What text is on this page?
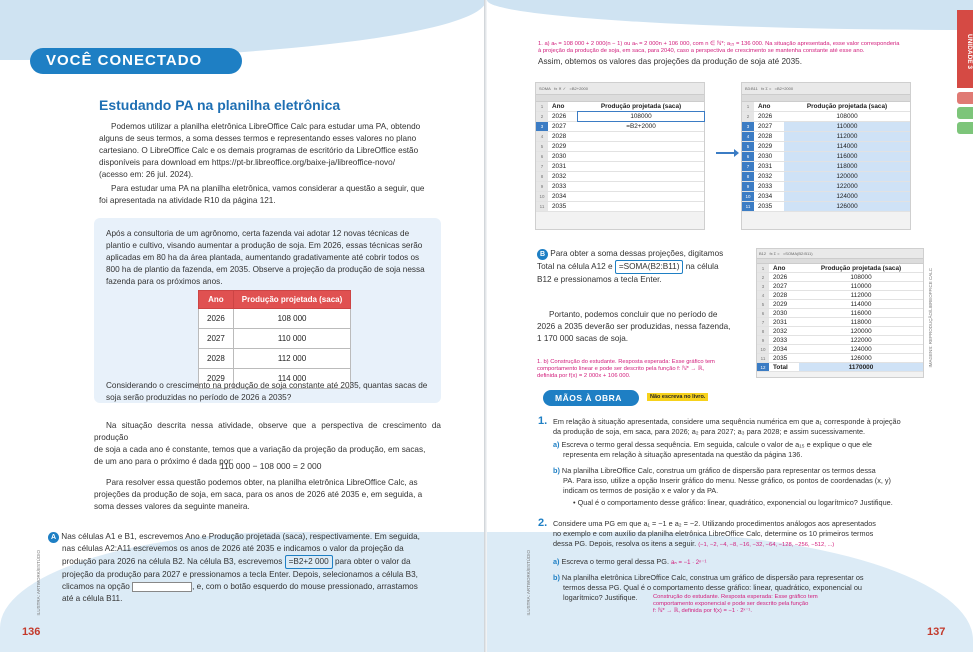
VOCÊ CONECTADO
Estudando PA na planilha eletrônica
Podemos utilizar a planilha eletrônica LibreOffice Calc para estudar uma PA, obtendo
alguns de seus termos, a soma desses termos e representando esses valores no plano
cartesiano. O LibreOffice Calc e os demais programas de escritório da LibreOffice estão
disponíveis para download em https://pt-br.libreoffice.org/baixe-ja/libreoffice-novo/
(acesso em: 26 jul. 2024).
Para estudar uma PA na planilha eletrônica, vamos considerar a questão a seguir, que
foi apresentada na atividade R10 da página 121.
Após a consultoria de um agrônomo, certa fazenda vai adotar 12 novas técnicas de
plantio e cultivo, visando aumentar a produção de soja. Em 2026, essas técnicas serão
aplicadas em 80 ha da área plantada, aumentando gradativamente até cobrir todos os
800 ha de plantio da fazenda, em 2035. Observe a projeção da produção de soja nessa
fazenda para os próximos anos.
Ano	Produção projetada (saca)
2026	108 000
2027	110 000
2028	112 000
2029	114 000
Considerando o crescimento na produção de soja constante até 2035, quantas sacas de
soja serão produzidas no período de 2026 a 2035?
Na situação descrita nessa atividade, observe que a perspectiva de crescimento da produção
de soja a cada ano é constante, temos que a variação da projeção da produção, em sacas,
de um ano para o próximo é dada por:
110 000 − 108 000 = 2 000
Para resolver essa questão podemos obter, na planilha eletrônica LibreOffice Calc, as
projeções da produção de soja, em saca, para os anos de 2026 até 2035 e, em seguida, a
soma desses valores da seguinte maneira.
A Nas células A1 e B1, escrevemos Ano e Produção projetada (saca), respectivamente. Em seguida,
nas células A2:A11 escrevemos os anos de 2026 até 2035 e indicamos o valor da projeção da
produção para 2026 na célula B2. Na célula B3, escrevemos =B2+2 000 para obter o valor da
projeção da produção para 2027 e pressionamos a tecla Enter. Depois, selecionamos a célula B3,
clicamos na opção	, e, com o botão esquerdo do mouse pressionado, arrastamos
até a célula B11.
ILUSTRA: ARTWORK/ESTÚDIO
136
UNIDADE 3
1. a) aₙ = 108 000 + 2 000(n − 1) ou aₙ = 2 000n + 106 000, com n ∈ ℕ*; a₁₅ = 136 000. Na situação apresentada, esse valor corresponderia
à projeção da produção de soja, em saca, para 2040, caso a perspectiva de crescimento se mantenha constante até esse ano.
Assim, obtemos os valores das projeções da produção de soja até 2035.
SOMA   fx ✕ ✓   =B2+2000
1	Ano	Produção projetada (saca)
2	2026	108000
3	2027	=B2+2000
4	2028
5	2029
6	2030
7	2031
8	2032
9	2033
10	2034
11	2035
B3:B11   fx Σ =   =B2+2000
1	Ano	Produção projetada (saca)
2	2026	108000
3	2027	110000
4	2028	112000
5	2029	114000
6	2030	116000
7	2031	118000
8	2032	120000
9	2033	122000
10	2034	124000
11	2035	126000
B Para obter a soma dessas projeções, digitamos
Total na célula A12 e =SOMA(B2:B11) na célula
B12 e pressionamos a tecla Enter.
Portanto, podemos concluir que no período de
2026 a 2035 deverão ser produzidas, nessa fazenda,
1 170 000 sacas de soja.
B12   fx Σ =   =SOMA(B2:B11)
1	Ano	Produção projetada (saca)
2	2026	108000
3	2027	110000
4	2028	112000
5	2029	114000
6	2030	116000
7	2031	118000
8	2032	120000
9	2033	122000
10	2034	124000
11	2035	126000
12	Total	1170000	IMAGENS: REPRODUÇÃO/LIBREOFFICE CALC
1. b) Construção do estudante. Resposta esperada: Esse gráfico tem
comportamento linear e pode ser descrito pela função f: ℕ* → ℝ,
definida por f(x) = 2 000x + 106 000.
MÃOS À OBRA	Não escreva no livro.
1. Em relação à situação apresentada, considere uma sequência numérica em que a₁ corresponde à projeção
da produção de soja, em saca, para 2026; a₂ para 2027; a₃ para 2028; e assim sucessivamente.
a) Escreva o termo geral dessa sequência. Em seguida, calcule o valor de a₁₅ e explique o que ele
representa em relação à situação apresentada na questão da página 136.
b) Na planilha LibreOffice Calc, construa um gráfico de dispersão para representar os termos dessa
PA. Para isso, utilize a opção Inserir gráfico do menu. Nesse gráfico, os pontos de coordenadas (x, y)
indicam os termos de posição x e valor y da PA.
• Qual é o comportamento desse gráfico: linear, quadrático, exponencial ou logarítmico? Justifique.
2. Considere uma PG em que a₁ = −1 e a₂ = −2. Utilizando procedimentos análogos aos apresentados
no exemplo e com auxílio da planilha eletrônica LibreOffice Calc, determine os 10 primeiros termos
dessa PG. Depois, resolva os itens a seguir. (−1, −2, −4, −8, −16, −32, −64, −128, −256, −512, ...)
a) Escreva o termo geral dessa PG. aₙ = −1 · 2ⁿ⁻¹
b) Na planilha eletrônica LibreOffice Calc, construa um gráfico de dispersão para representar os
termos dessa PG. Qual é o comportamento desse gráfico: linear, quadrático, exponencial ou
logarítmico? Justifique.	Construção do estudante. Resposta esperada: Esse gráfico tem
comportamento exponencial e pode ser descrito pela função
f: ℕ* → ℝ, definida por f(x) = −1 · 2ˣ⁻¹.
ILUSTRA: ARTWORK/ESTÚDIO
137
